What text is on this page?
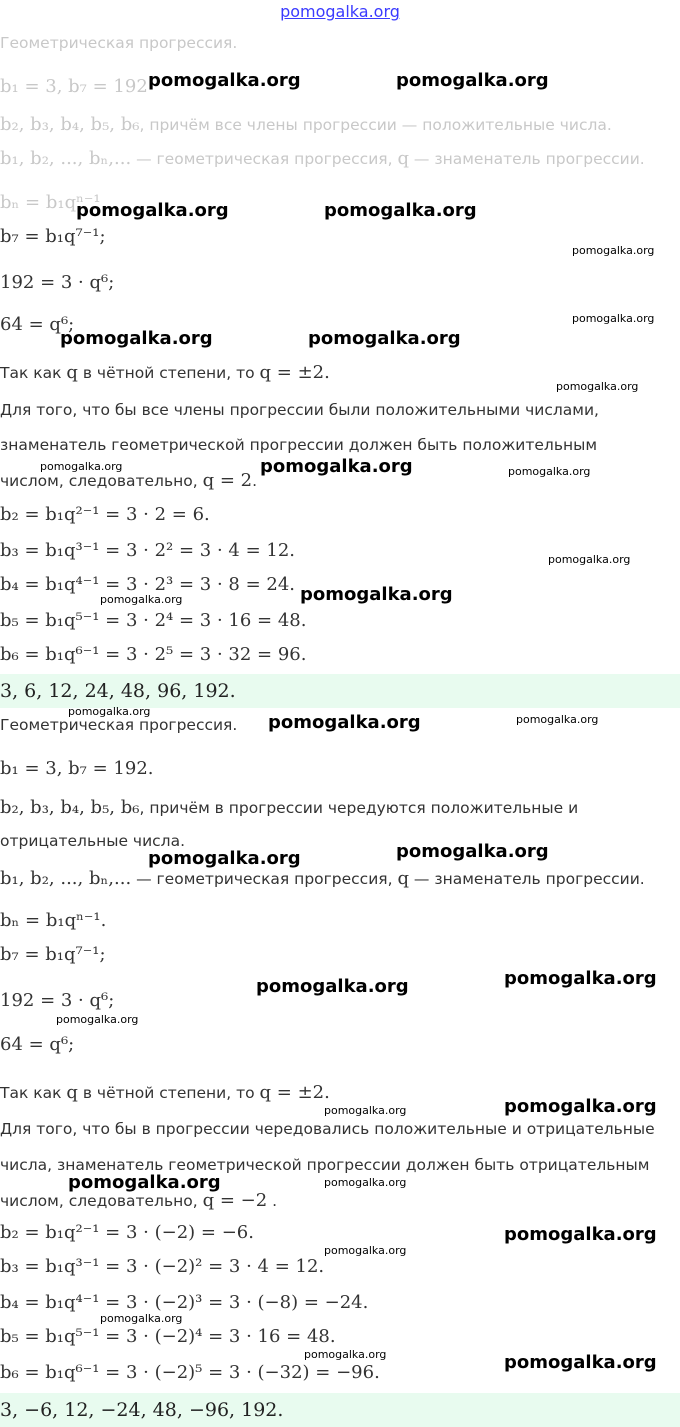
pomogalka.org
Геометрическая прогрессия.
b₁ = 3, b₇ = 192
b₂, b₃, b₄, b₅, b₆, причём все члены прогрессии — положительные числа.
b₁, b₂, ..., bₙ,... — геометрическая прогрессия, q — знаменатель прогрессии.
bₙ = b₁qⁿ⁻¹
b₇ = b₁q⁷⁻¹;
192 = 3 · q⁶;
64 = q⁶;
Так как q в чётной степени, то q = ±2.
Для того, что бы все члены прогрессии были положительными числами,
знаменатель геометрической прогрессии должен быть положительным
числом, следовательно, q = 2.
b₂ = b₁q²⁻¹ = 3 · 2 = 6.
b₃ = b₁q³⁻¹ = 3 · 2² = 3 · 4 = 12.
b₄ = b₁q⁴⁻¹ = 3 · 2³ = 3 · 8 = 24.
b₅ = b₁q⁵⁻¹ = 3 · 2⁴ = 3 · 16 = 48.
b₆ = b₁q⁶⁻¹ = 3 · 2⁵ = 3 · 32 = 96.
3, 6, 12, 24, 48, 96, 192.
Геометрическая прогрессия.
b₁ = 3, b₇ = 192.
b₂, b₃, b₄, b₅, b₆, причём в прогрессии чередуются положительные и
отрицательные числа.
b₁, b₂, ..., bₙ,... — геометрическая прогрессия, q — знаменатель прогрессии.
bₙ = b₁qⁿ⁻¹.
b₇ = b₁q⁷⁻¹;
192 = 3 · q⁶;
64 = q⁶;
Так как q в чётной степени, то q = ±2.
Для того, что бы в прогрессии чередовались положительные и отрицательные
числа, знаменатель геометрической прогрессии должен быть отрицательным
числом, следовательно, q = −2 .
b₂ = b₁q²⁻¹ = 3 · (−2) = −6.
b₃ = b₁q³⁻¹ = 3 · (−2)² = 3 · 4 = 12.
b₄ = b₁q⁴⁻¹ = 3 · (−2)³ = 3 · (−8) = −24.
b₅ = b₁q⁵⁻¹ = 3 · (−2)⁴ = 3 · 16 = 48.
b₆ = b₁q⁶⁻¹ = 3 · (−2)⁵ = 3 · (−32) = −96.
3, −6, 12, −24, 48, −96, 192.
pomogalka.org	pomogalka.org
pomogalka.org	pomogalka.org
pomogalka.org
pomogalka.org
pomogalka.org	pomogalka.org
pomogalka.org
pomogalka.org	pomogalka.org	pomogalka.org
pomogalka.org
pomogalka.org	pomogalka.org
pomogalka.org
pomogalka.org	pomogalka.org
pomogalka.org	pomogalka.org
pomogalka.org
pomogalka.org
pomogalka.org
pomogalka.org
pomogalka.org
pomogalka.org	pomogalka.org
pomogalka.org
pomogalka.org
pomogalka.org
pomogalka.org	pomogalka.org
